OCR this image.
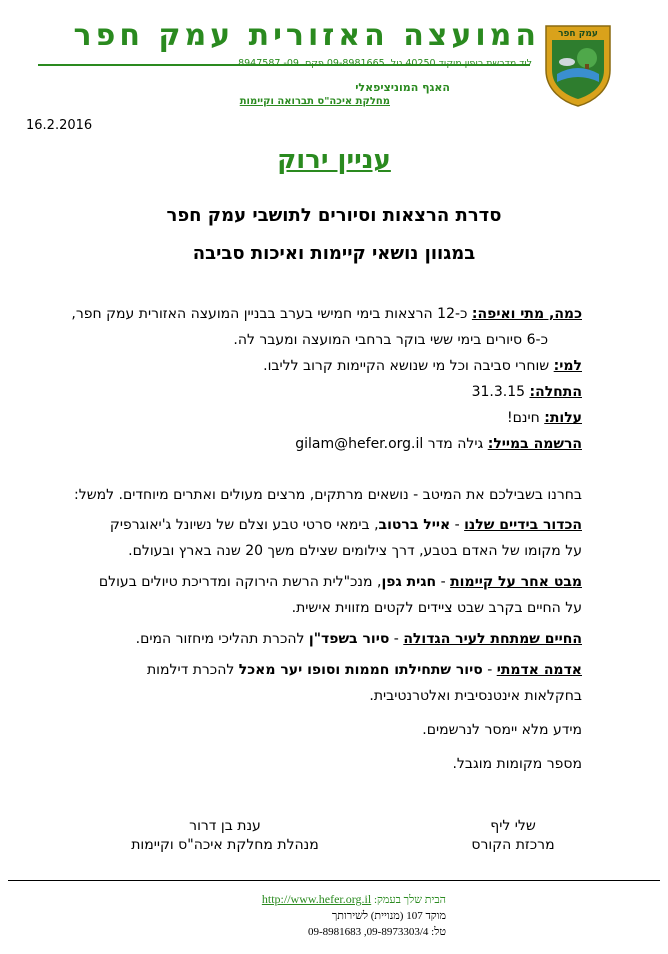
עמק חפר
המועצה האזורית עמק חפר
ליד מדרשת רופין מיקוד 40250 טל. 09-8981665 פקס. 09- 8947587
האגף המוניציפאלי
מחלקת איכה"ס תברואה וקיימות
16.2.2016
עניין ירוק
סדרת הרצאות וסיורים לתושבי עמק חפר
במגוון נושאי קיימות ואיכות סביבה
כמה, מתי ואיפה: כ-12 הרצאות בימי חמישי בערב בבניין המועצה האזורית עמק חפר,
כ-6 סיורים בימי ששי בוקר ברחבי המועצה ומעבר לה.
למי: שוחרי סביבה וכל מי שנושא הקיימות קרוב לליבו.
התחלה: 31.3.15
עלות: חינם!
הרשמה במייל: גילה מדר gilam@hefer.org.il
בחרנו בשבילכם את המיטב - נושאים מרתקים, מרצים מעולים ואתרים מיוחדים. למשל:
הכדור בידיים שלנו - אייל ברטוב, בימאי סרטי טבע וצלם של נשיונל ג'יאוגרפיק
על מקומו של האדם בטבע, דרך צילומים שצילם משך 20 שנה בארץ ובעולם.
מבט אחר על קיימות - חגית גפן, מנכ"לית הרשת הירוקה ומדריכת טיולים בעולם
על החיים בקרב שבט ציידים לקטים מזווית אישית.
החיים שמתחת לעיר הגדולה - סיור בשפד"ן להכרת תהליכי מיחזור המים.
אדמה אדמתי - סיור שתחילתו חממות וסופו יער מאכל להכרת דילמות
בחקלאות אינטנסיבית ואלטרנטיבית.
מידע מלא יימסר לנרשמים.
מספר מקומות מוגבל.
שלי ליף
מרכזת הקורס
ענת בן דרור
מנהלת מחלקת איכה"ס וקיימות
הבית שלך בעמק: http://www.hefer.org.il
מוקד 107 (מנויית) לשירותך
טל: 09-8973303/4, 09-8981683
